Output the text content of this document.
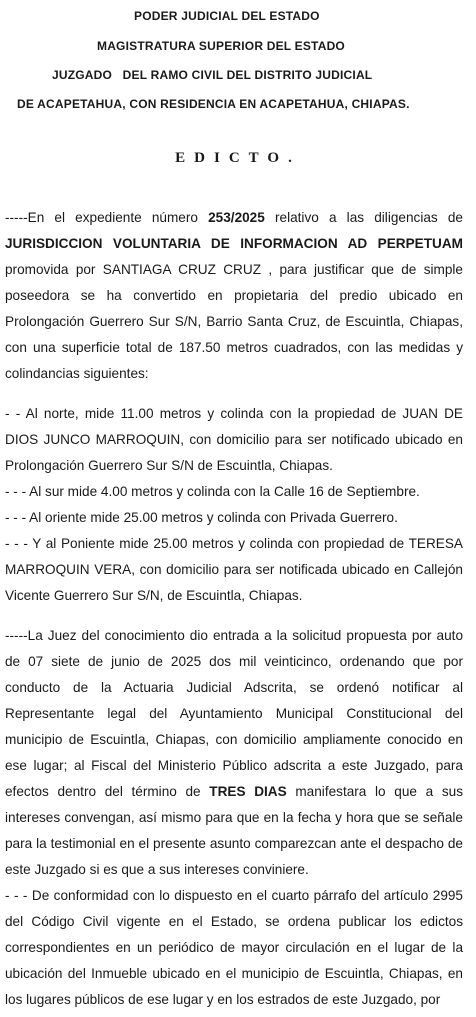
PODER JUDICIAL DEL ESTADO
MAGISTRATURA SUPERIOR DEL ESTADO
JUZGADO   DEL RAMO CIVIL DEL DISTRITO JUDICIAL
DE ACAPETAHUA, CON RESIDENCIA EN ACAPETAHUA, CHIAPAS.
EDICTO.

-----En el expediente número 253/2025 relativo a las diligencias de JURISDICCION VOLUNTARIA DE INFORMACION AD PERPETUAM promovida por SANTIAGA CRUZ CRUZ , para justificar que de simple poseedora se ha convertido en propietaria del predio ubicado en Prolongación Guerrero Sur S/N, Barrio Santa Cruz, de Escuintla, Chiapas, con una superficie total de 187.50 metros cuadrados, con las medidas y colindancias siguientes:

- - Al norte, mide 11.00 metros y colinda con la propiedad de JUAN DE DIOS JUNCO MARROQUIN, con domicilio para ser notificado ubicado en Prolongación Guerrero Sur S/N de Escuintla, Chiapas.

- - - Al sur mide 4.00 metros y colinda con la Calle 16 de Septiembre.

- - - Al oriente mide 25.00 metros y colinda con Privada Guerrero.

- - - Y al Poniente mide 25.00 metros y colinda con propiedad de TERESA MARROQUIN VERA, con domicilio para ser notificada ubicado en Callejón Vicente Guerrero Sur S/N, de Escuintla, Chiapas.

-----La Juez del conocimiento dio entrada a la solicitud propuesta por auto de 07 siete de junio de 2025 dos mil veinticinco, ordenando que por conducto de la Actuaria Judicial Adscrita, se ordenó notificar al Representante legal del Ayuntamiento Municipal Constitucional del municipio de Escuintla, Chiapas, con domicilio ampliamente conocido en ese lugar; al Fiscal del Ministerio Público adscrita a este Juzgado, para efectos dentro del término de TRES DIAS manifestara lo que a sus intereses convengan, así mismo para que en la fecha y hora que se señale para la testimonial en el presente asunto comparezcan ante el despacho de este Juzgado si es que a sus intereses conviniere.

- - - De conformidad con lo dispuesto en el cuarto párrafo del artículo 2995 del Código Civil vigente en el Estado, se ordena publicar los edictos correspondientes en un periódico de mayor circulación en el lugar de la ubicación del Inmueble ubicado en el municipio de Escuintla, Chiapas, en los lugares públicos de ese lugar y en los estrados de este Juzgado, por
